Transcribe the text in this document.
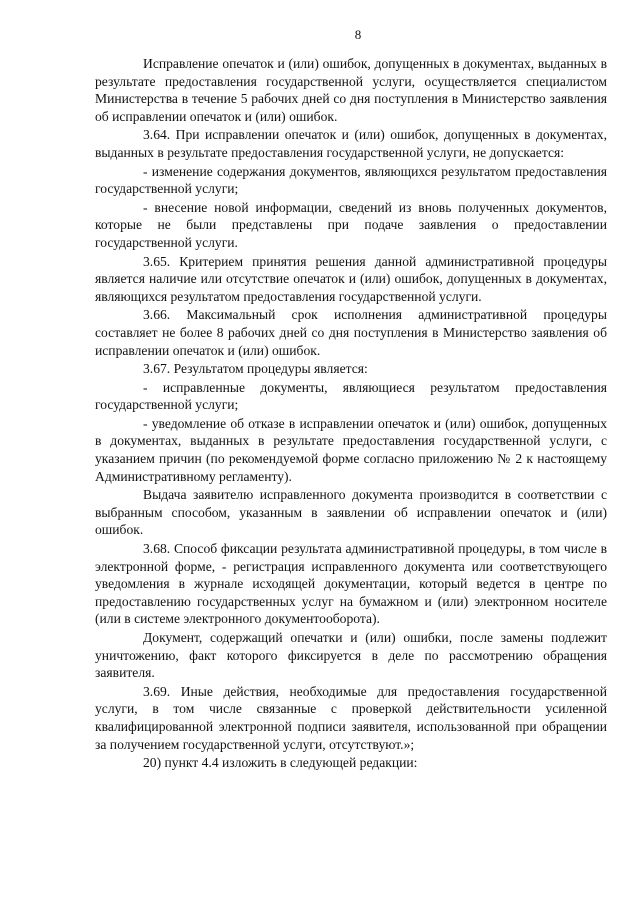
8

Исправление опечаток и (или) ошибок, допущенных в документах, выданных в результате предоставления государственной услуги, осуществляется специалистом Министерства в течение 5 рабочих дней со дня поступления в Министерство заявления об исправлении опечаток и (или) ошибок.

3.64. При исправлении опечаток и (или) ошибок, допущенных в документах, выданных в результате предоставления государственной услуги, не допускается:

- изменение содержания документов, являющихся результатом предоставления государственной услуги;

- внесение новой информации, сведений из вновь полученных документов, которые не были представлены при подаче заявления о предоставлении государственной услуги.

3.65. Критерием принятия решения данной административной процедуры является наличие или отсутствие опечаток и (или) ошибок, допущенных в документах, являющихся результатом предоставления государственной услуги.

3.66. Максимальный срок исполнения административной процедуры составляет не более 8 рабочих дней со дня поступления в Министерство заявления об исправлении опечаток и (или) ошибок.

3.67. Результатом процедуры является:

- исправленные документы, являющиеся результатом предоставления государственной услуги;

- уведомление об отказе в исправлении опечаток и (или) ошибок, допущенных в документах, выданных в результате предоставления государственной услуги, с указанием причин (по рекомендуемой форме согласно приложению № 2 к настоящему Административному регламенту).

Выдача заявителю исправленного документа производится в соответствии с выбранным способом, указанным в заявлении об исправлении опечаток и (или) ошибок.

3.68. Способ фиксации результата административной процедуры, в том числе в электронной форме, - регистрация исправленного документа или соответствующего уведомления в журнале исходящей документации, который ведется в центре по предоставлению государственных услуг на бумажном и (или) электронном носителе (или в системе электронного документооборота).

Документ, содержащий опечатки и (или) ошибки, после замены подлежит уничтожению, факт которого фиксируется в деле по рассмотрению обращения заявителя.

3.69. Иные действия, необходимые для предоставления государственной услуги, в том числе связанные с проверкой действительности усиленной квалифицированной электронной подписи заявителя, использованной при обращении за получением государственной услуги, отсутствуют.»;

20) пункт 4.4 изложить в следующей редакции:
